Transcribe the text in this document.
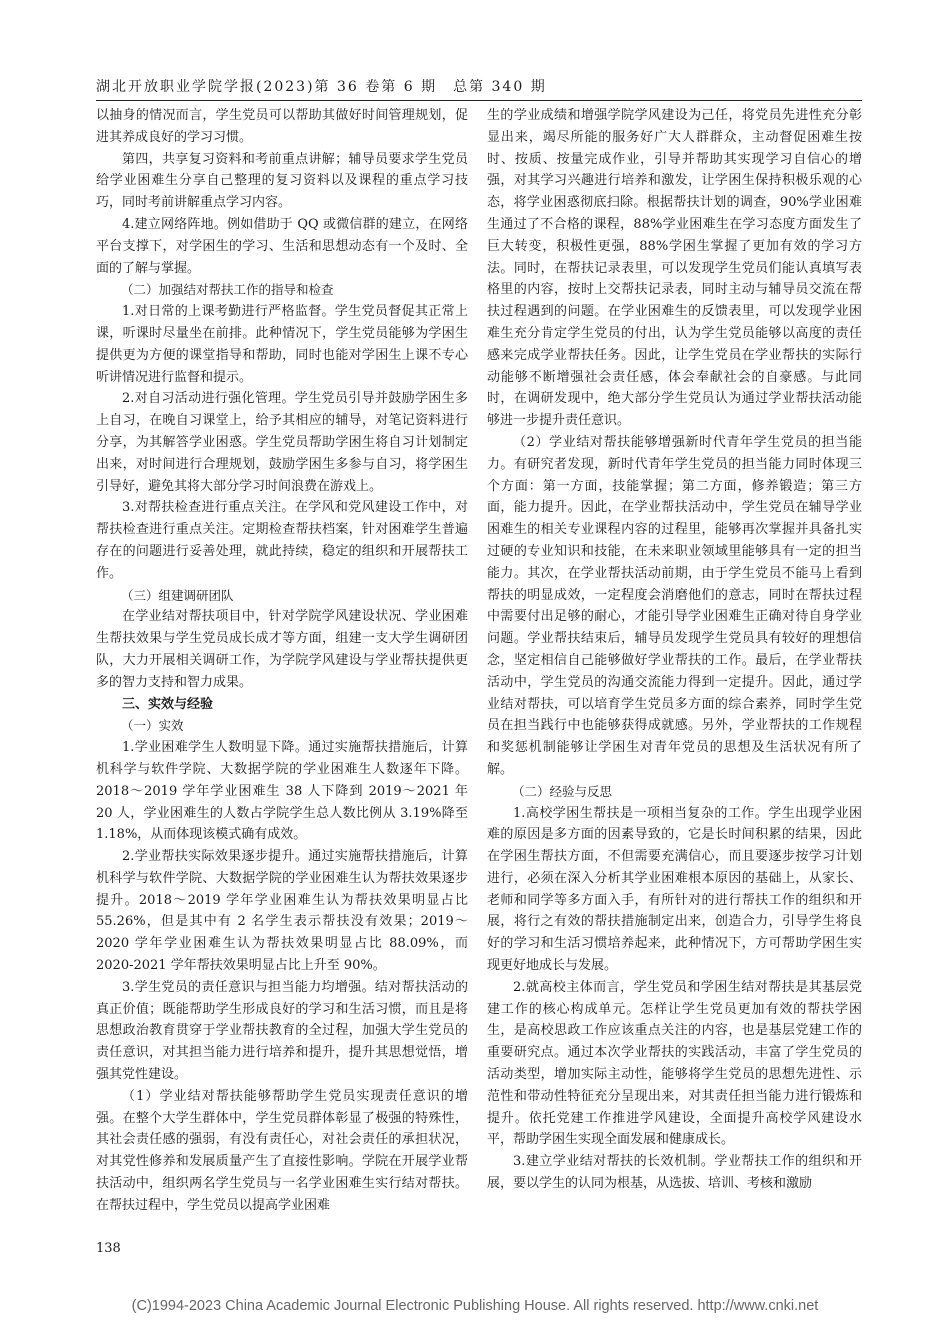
湖北开放职业学院学报(2023)第 36 卷第 6 期　总第 340 期

以抽身的情况而言，学生党员可以帮助其做好时间管理规划，促进其养成良好的学习习惯。

第四，共享复习资料和考前重点讲解；辅导员要求学生党员给学业困难生分享自己整理的复习资料以及课程的重点学习技巧，同时考前讲解重点学习内容。

4.建立网络阵地。例如借助于 QQ 或微信群的建立，在网络平台支撑下，对学困生的学习、生活和思想动态有一个及时、全面的了解与掌握。

（二）加强结对帮扶工作的指导和检查

1.对日常的上课考勤进行严格监督。学生党员督促其正常上课，听课时尽量坐在前排。此种情况下，学生党员能够为学困生提供更为方便的课堂指导和帮助，同时也能对学困生上课不专心听讲情况进行监督和提示。

2.对自习活动进行强化管理。学生党员引导并鼓励学困生多上自习，在晚自习课堂上，给予其相应的辅导，对笔记资料进行分享，为其解答学业困惑。学生党员帮助学困生将自习计划制定出来，对时间进行合理规划，鼓励学困生多参与自习，将学困生引导好，避免其将大部分学习时间浪费在游戏上。

3.对帮扶检查进行重点关注。在学风和党风建设工作中，对帮扶检查进行重点关注。定期检查帮扶档案，针对困难学生普遍存在的问题进行妥善处理，就此持续，稳定的组织和开展帮扶工作。

（三）组建调研团队

在学业结对帮扶项目中，针对学院学风建设状况、学业困难生帮扶效果与学生党员成长成才等方面，组建一支大学生调研团队，大力开展相关调研工作，为学院学风建设与学业帮扶提供更多的智力支持和智力成果。

三、实效与经验

（一）实效

1.学业困难学生人数明显下降。通过实施帮扶措施后，计算机科学与软件学院、大数据学院的学业困难生人数逐年下降。2018～2019 学年学业困难生 38 人下降到 2019～2021 年 20 人，学业困难生的人数占学院学生总人数比例从 3.19%降至 1.18%，从而体现该模式确有成效。

2.学业帮扶实际效果逐步提升。通过实施帮扶措施后，计算机科学与软件学院、大数据学院的学业困难生认为帮扶效果逐步提升。2018～2019 学年学业困难生认为帮扶效果明显占比 55.26%，但是其中有 2 名学生表示帮扶没有效果；2019～2020 学年学业困难生认为帮扶效果明显占比 88.09%，而 2020-2021 学年帮扶效果明显占比上升至 90%。

3.学生党员的责任意识与担当能力均增强。结对帮扶活动的真正价值；既能帮助学生形成良好的学习和生活习惯，而且是将思想政治教育贯穿于学业帮扶教育的全过程，加强大学生党员的责任意识，对其担当能力进行培养和提升，提升其思想觉悟，增强其党性建设。

（1）学业结对帮扶能够帮助学生党员实现责任意识的增强。在整个大学生群体中，学生党员群体彰显了极强的特殊性，其社会责任感的强弱，有没有责任心，对社会责任的承担状况，对其党性修养和发展质量产生了直接性影响。学院在开展学业帮扶活动中，组织两名学生党员与一名学业困难生实行结对帮扶。在帮扶过程中，学生党员以提高学业困难

生的学业成绩和增强学院学风建设为己任，将党员先进性充分彰显出来，竭尽所能的服务好广大人群群众，主动督促困难生按时、按质、按量完成作业，引导并帮助其实现学习自信心的增强，对其学习兴趣进行培养和激发，让学困生保持积极乐观的心态，将学业困惑彻底扫除。根据帮扶计划的调查，90%学业困难生通过了不合格的课程，88%学业困难生在学习态度方面发生了巨大转变，积极性更强，88%学困生掌握了更加有效的学习方法。同时，在帮扶记录表里，可以发现学生党员们能认真填写表格里的内容，按时上交帮扶记录表，同时主动与辅导员交流在帮扶过程遇到的问题。在学业困难生的反馈表里，可以发现学业困难生充分肯定学生党员的付出，认为学生党员能够以高度的责任感来完成学业帮扶任务。因此，让学生党员在学业帮扶的实际行动能够不断增强社会责任感，体会奉献社会的自豪感。与此同时，在调研发现中，绝大部分学生党员认为通过学业帮扶活动能够进一步提升责任意识。

（2）学业结对帮扶能够增强新时代青年学生党员的担当能力。有研究者发现，新时代青年学生党员的担当能力同时体现三个方面：第一方面，技能掌握；第二方面，修养锻造；第三方面，能力提升。因此，在学业帮扶活动中，学生党员在辅导学业困难生的相关专业课程内容的过程里，能够再次掌握并具备扎实过硬的专业知识和技能，在未来职业领域里能够具有一定的担当能力。其次，在学业帮扶活动前期，由于学生党员不能马上看到帮扶的明显成效，一定程度会消磨他们的意志，同时在帮扶过程中需要付出足够的耐心，才能引导学业困难生正确对待自身学业问题。学业帮扶结束后，辅导员发现学生党员具有较好的理想信念，坚定相信自己能够做好学业帮扶的工作。最后，在学业帮扶活动中，学生党员的沟通交流能力得到一定提升。因此，通过学业结对帮扶，可以培育学生党员多方面的综合素养，同时学生党员在担当践行中也能够获得成就感。另外，学业帮扶的工作规程和奖惩机制能够让学困生对青年党员的思想及生活状况有所了解。

（二）经验与反思

1.高校学困生帮扶是一项相当复杂的工作。学生出现学业困难的原因是多方面的因素导致的，它是长时间积累的结果，因此在学困生帮扶方面，不但需要充满信心，而且要逐步按学习计划进行，必须在深入分析其学业困难根本原因的基础上，从家长、老师和同学等多方面入手，有所针对的进行帮扶工作的组织和开展，将行之有效的帮扶措施制定出来，创造合力，引导学生将良好的学习和生活习惯培养起来，此种情况下，方可帮助学困生实现更好地成长与发展。

2.就高校主体而言，学生党员和学困生结对帮扶是其基层党建工作的核心构成单元。怎样让学生党员更加有效的帮扶学困生，是高校思政工作应该重点关注的内容，也是基层党建工作的重要研究点。通过本次学业帮扶的实践活动，丰富了学生党员的活动类型，增加实际主动性，能够将学生党员的思想先进性、示范性和带动性特征充分呈现出来，对其责任担当能力进行锻炼和提升。依托党建工作推进学风建设，全面提升高校学风建设水平，帮助学困生实现全面发展和健康成长。

3.建立学业结对帮扶的长效机制。学业帮扶工作的组织和开展，要以学生的认同为根基，从选拔、培训、考核和激励

138
(C)1994-2023 China Academic Journal Electronic Publishing House. All rights reserved. http://www.cnki.net
